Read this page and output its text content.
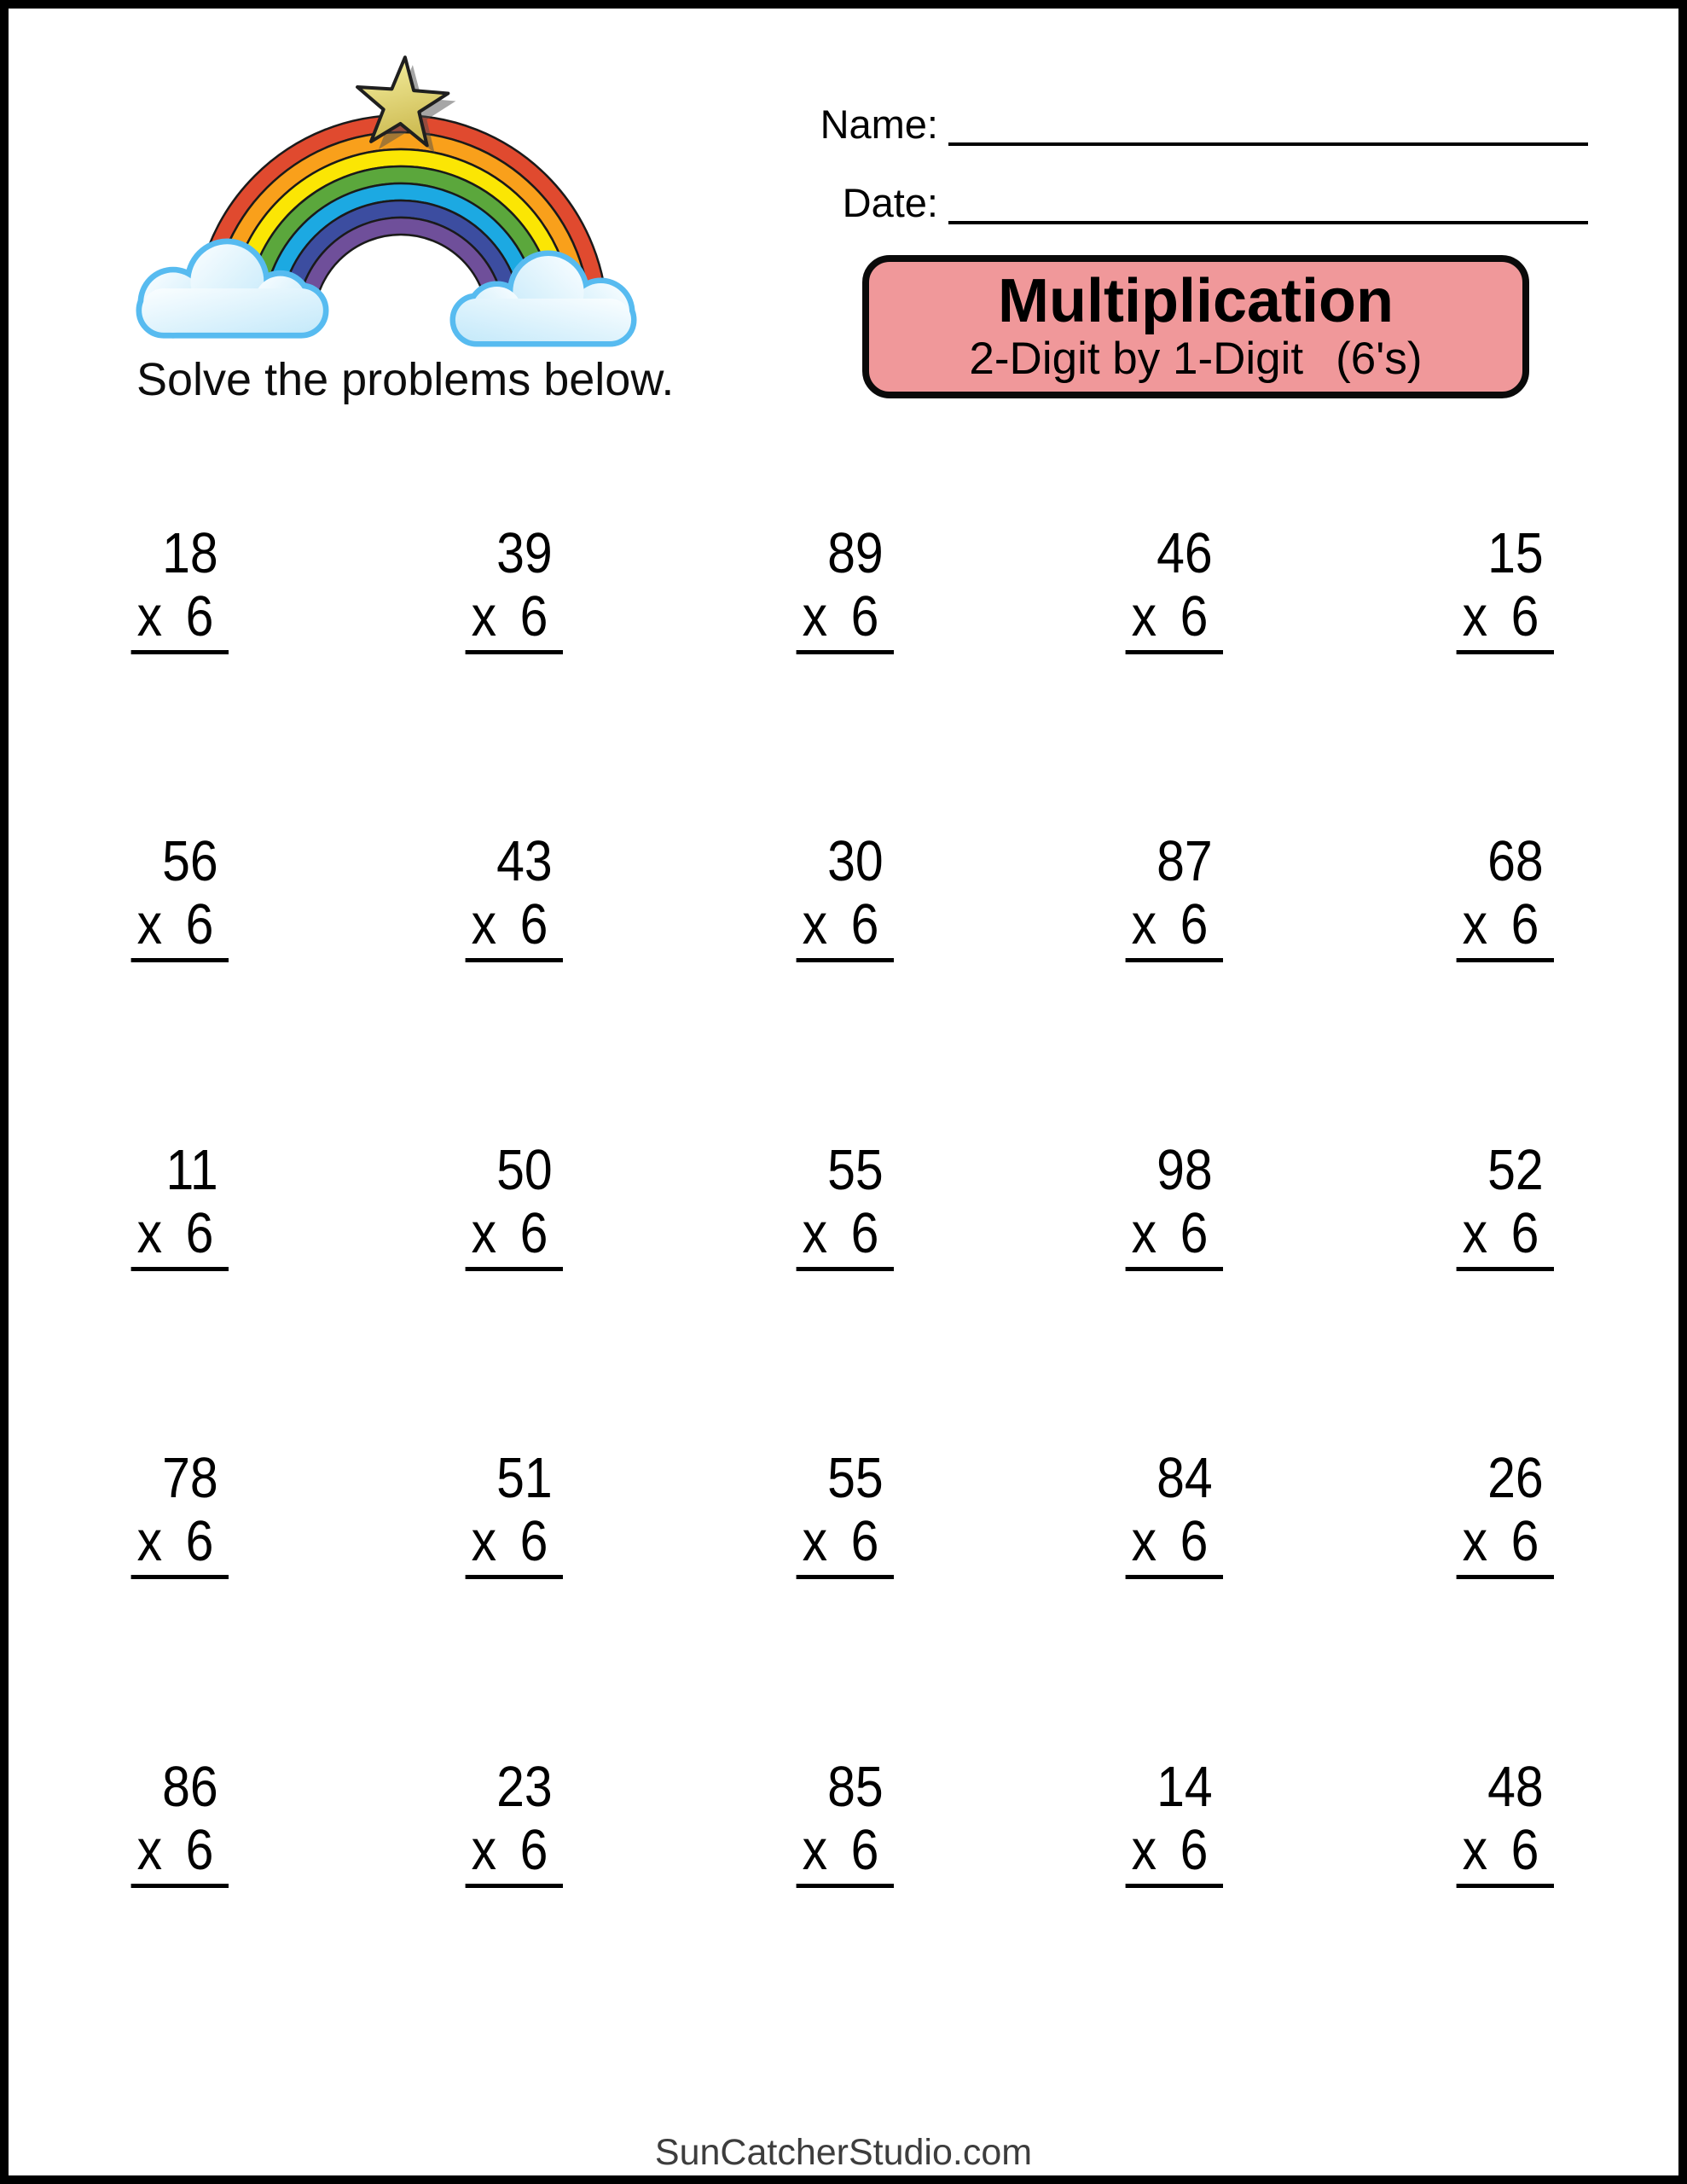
Solve the problems below.
Name:
Date:
Multiplication
2-Digit by 1-Digit (6's)
18
x 6
39
x 6
89
x 6
46
x 6
15
x 6
56
x 6
43
x 6
30
x 6
87
x 6
68
x 6
11
x 6
50
x 6
55
x 6
98
x 6
52
x 6
78
x 6
51
x 6
55
x 6
84
x 6
26
x 6
86
x 6
23
x 6
85
x 6
14
x 6
48
x 6
SunCatcherStudio.com
